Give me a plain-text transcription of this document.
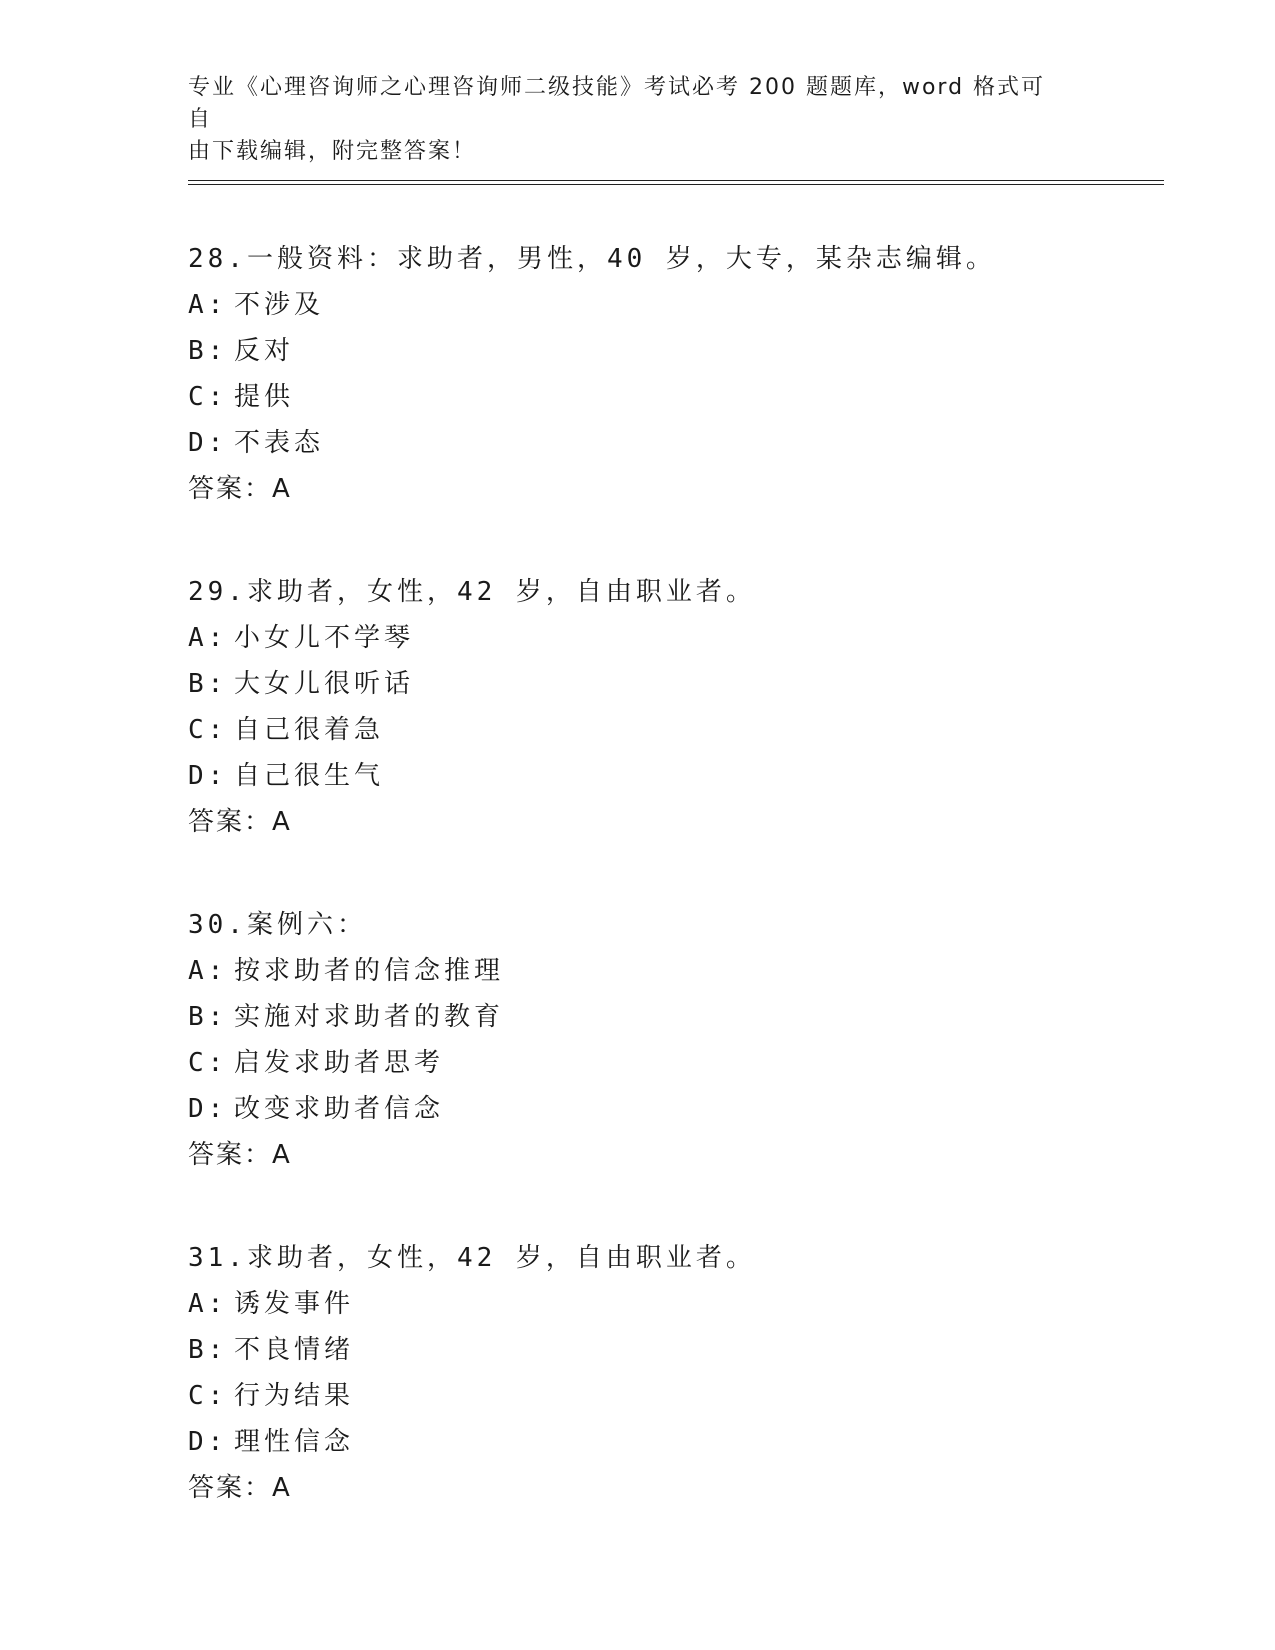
专业《心理咨询师之心理咨询师二级技能》考试必考 200 题题库，word 格式可自
由下载编辑，附完整答案！
28.一般资料：求助者，男性，40 岁，大专，某杂志编辑。
A: 不涉及
B: 反对
C: 提供
D: 不表态
答案：A
29.求助者，女性，42 岁，自由职业者。
A: 小女儿不学琴
B: 大女儿很听话
C: 自己很着急
D: 自己很生气
答案：A
30.案例六：
A: 按求助者的信念推理
B: 实施对求助者的教育
C: 启发求助者思考
D: 改变求助者信念
答案：A
31.求助者，女性，42 岁，自由职业者。
A: 诱发事件
B: 不良情绪
C: 行为结果
D: 理性信念
答案：A
